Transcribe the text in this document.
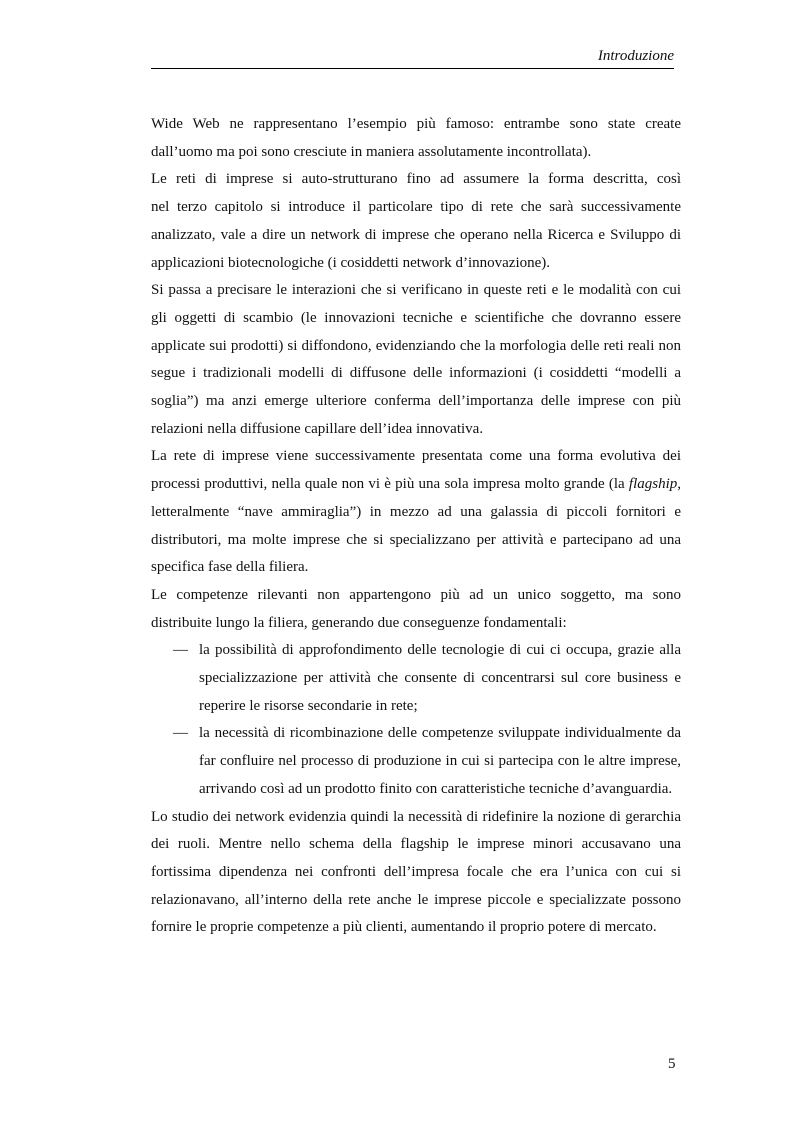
Introduzione

Wide Web ne rappresentano l’esempio più famoso: entrambe sono state create dall’uomo ma poi sono cresciute in maniera assolutamente incontrollata).

Le reti di imprese si auto-strutturano fino ad assumere la forma descritta, così

nel terzo capitolo si introduce il particolare tipo di rete che sarà successivamente analizzato, vale a dire un network di imprese che operano nella Ricerca e Sviluppo di applicazioni biotecnologiche (i cosiddetti network d’innovazione).

Si passa a precisare le interazioni che si verificano in queste reti e le modalità con cui gli oggetti di scambio (le innovazioni tecniche e scientifiche che dovranno essere applicate sui prodotti) si diffondono, evidenziando che la morfologia delle reti reali non segue i tradizionali modelli di diffusone delle informazioni (i cosiddetti “modelli a soglia”) ma anzi emerge ulteriore conferma dell’importanza delle imprese con più relazioni nella diffusione capillare dell’idea innovativa.

La rete di imprese viene successivamente presentata come una forma evolutiva dei processi produttivi, nella quale non vi è più una sola impresa molto grande (la flagship, letteralmente “nave ammiraglia”) in mezzo ad una galassia di piccoli fornitori e distributori, ma molte imprese che si specializzano per attività e partecipano ad una specifica fase della filiera.

Le competenze rilevanti non appartengono più ad un unico soggetto, ma sono distribuite lungo la filiera, generando due conseguenze fondamentali:

— la possibilità di approfondimento delle tecnologie di cui ci occupa, grazie alla specializzazione per attività che consente di concentrarsi sul core business e reperire le risorse secondarie in rete;
— la necessità di ricombinazione delle competenze sviluppate individualmente da far confluire nel processo di produzione in cui si partecipa con le altre imprese, arrivando così ad un prodotto finito con caratteristiche tecniche d’avanguardia.

Lo studio dei network evidenzia quindi la necessità di ridefinire la nozione di gerarchia dei ruoli. Mentre nello schema della flagship le imprese minori accusavano una fortissima dipendenza nei confronti dell’impresa focale che era l’unica con cui si relazionavano, all’interno della rete anche le imprese piccole e specializzate possono fornire le proprie competenze a più clienti, aumentando il proprio potere di mercato.

5
